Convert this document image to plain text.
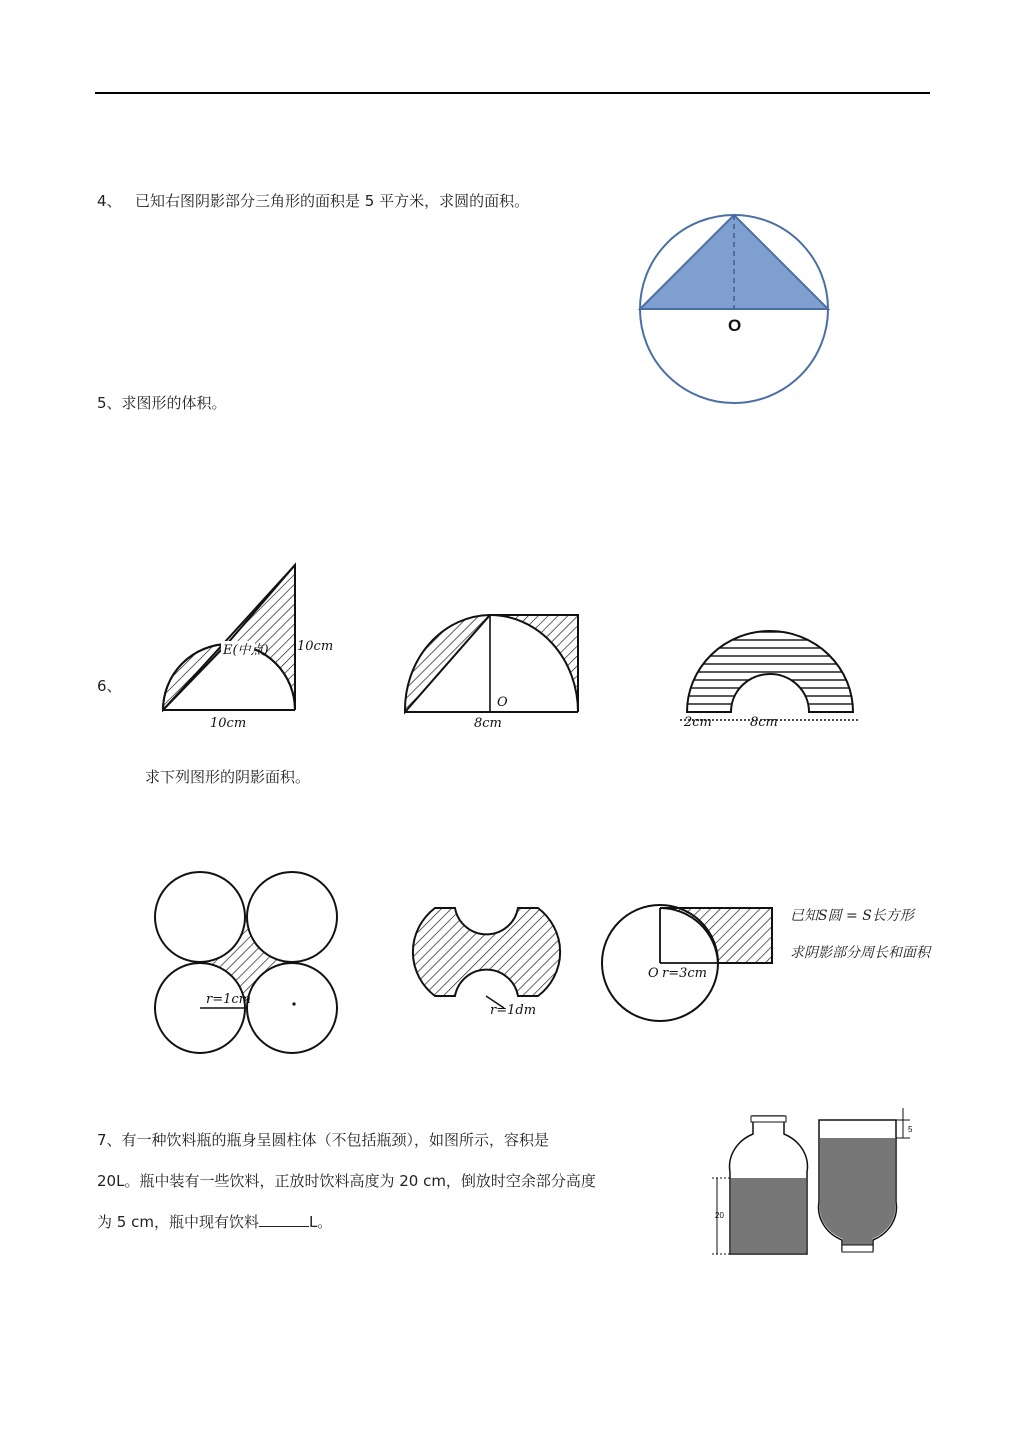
4、 已知右图阴影部分三角形的面积是 5 平方米，求圆的面积。
O
5、求图形的体积。
6、
E(中点) 10cm
10cm
O
8cm	2cm	8cm
求下列图形的阴影面积。
r=1cm
r=1dm
O r=3cm
已知S圆 = S长方形
求阴影部分周长和面积
7、有一种饮料瓶的瓶身呈圆柱体（不包括瓶颈），如图所示，容积是
20L。瓶中装有一些饮料，正放时饮料高度为 20 cm，倒放时空余部分高度
为 5 cm，瓶中现有饮料	L。	20
5
